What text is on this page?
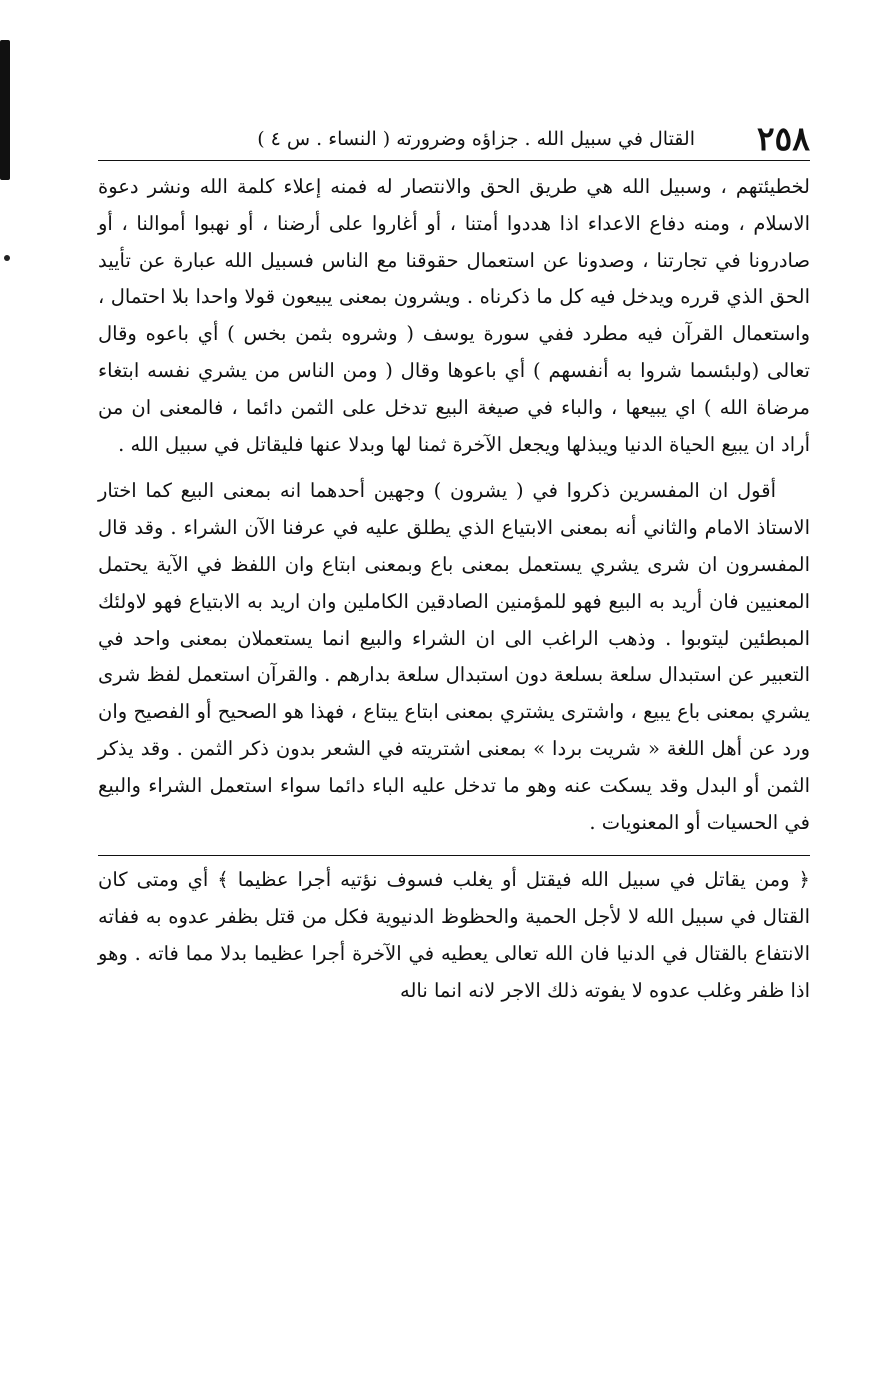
٢٥٨
القتال في سبيل الله . جزاؤه وضرورته ( النساء . س ٤ )

لخطيئتهم ، وسبيل الله هي طريق الحق والانتصار له فمنه إعلاء كلمة الله ونشر دعوة الاسلام ، ومنه دفاع الاعداء اذا هددوا أمتنا ، أو أغاروا على أرضنا ، أو نهبوا أموالنا ، أو صادرونا في تجارتنا ، وصدونا عن استعمال حقوقنا مع الناس فسبيل الله عبارة عن تأييد الحق الذي قرره ويدخل فيه كل ما ذكرناه . ويشرون بمعنى يبيعون قولا واحدا بلا احتمال ، واستعمال القرآن فيه مطرد ففي سورة يوسف ( وشروه بثمن بخس ) أي باعوه وقال تعالى (ولبئسما شروا به أنفسهم ) أي باعوها وقال ( ومن الناس من يشري نفسه ابتغاء مرضاة الله ) اي يبيعها ، والباء في صيغة البيع تدخل على الثمن دائما ، فالمعنى ان من أراد ان يبيع الحياة الدنيا ويبذلها ويجعل الآخرة ثمنا لها وبدلا عنها فليقاتل في سبيل الله .

أقول ان المفسرين ذكروا في ( يشرون ) وجهين أحدهما انه بمعنى البيع كما اختار الاستاذ الامام والثاني أنه بمعنى الابتياع الذي يطلق عليه في عرفنا الآن الشراء . وقد قال المفسرون ان شرى يشري يستعمل بمعنى باع وبمعنى ابتاع وان اللفظ في الآية يحتمل المعنيين فان أريد به البيع فهو للمؤمنين الصادقين الكاملين وان اريد به الابتياع فهو لاولئك المبطئين ليتوبوا . وذهب الراغب الى ان الشراء والبيع انما يستعملان بمعنى واحد في التعبير عن استبدال سلعة بسلعة دون استبدال سلعة بدارهم . والقرآن استعمل لفظ شرى يشري بمعنى باع يبيع ، واشترى يشتري بمعنى ابتاع يبتاع ، فهذا هو الصحيح أو الفصيح وان ورد عن أهل اللغة « شريت بردا » بمعنى اشتريته في الشعر بدون ذكر الثمن . وقد يذكر الثمن أو البدل وقد يسكت عنه وهو ما تدخل عليه الباء دائما سواء استعمل الشراء والبيع في الحسيات أو المعنويات .

﴿ ومن يقاتل في سبيل الله فيقتل أو يغلب فسوف نؤتيه أجرا عظيما ﴾ أي ومتى كان القتال في سبيل الله لا لأجل الحمية والحظوظ الدنيوية فكل من قتل بظفر عدوه به ففاته الانتفاع بالقتال في الدنيا فان الله تعالى يعطيه في الآخرة أجرا عظيما بدلا مما فاته . وهو اذا ظفر وغلب عدوه لا يفوته ذلك الاجر لانه انما ناله
